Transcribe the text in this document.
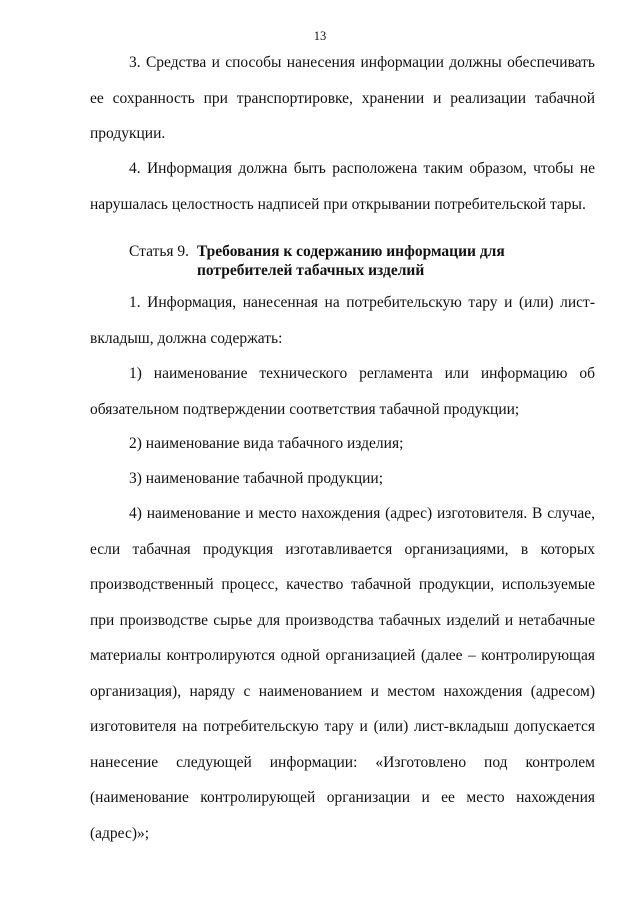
13

3. Средства и способы нанесения информации должны обеспечивать ее сохранность при транспортировке, хранении и реализации табачной продукции.

4. Информация должна быть расположена таким образом, чтобы не нарушалась целостность надписей при открывании потребительской тары.

Статья 9. Требования к содержанию информации для
потребителей табачных изделий

1. Информация, нанесенная на потребительскую тару и (или) лист-вкладыш, должна содержать:

1) наименование технического регламента или информацию об обязательном подтверждении соответствия табачной продукции;

2) наименование вида табачного изделия;

3) наименование табачной продукции;

4) наименование и место нахождения (адрес) изготовителя. В случае, если табачная продукция изготавливается организациями, в которых производственный процесс, качество табачной продукции, используемые при производстве сырье для производства табачных изделий и нетабачные материалы контролируются одной организацией (далее – контролирующая организация), наряду с наименованием и местом нахождения (адресом) изготовителя на потребительскую тару и (или) лист-вкладыш допускается нанесение следующей информации: «Изготовлено под контролем (наименование контролирующей организации и ее место нахождения (адрес)»;
